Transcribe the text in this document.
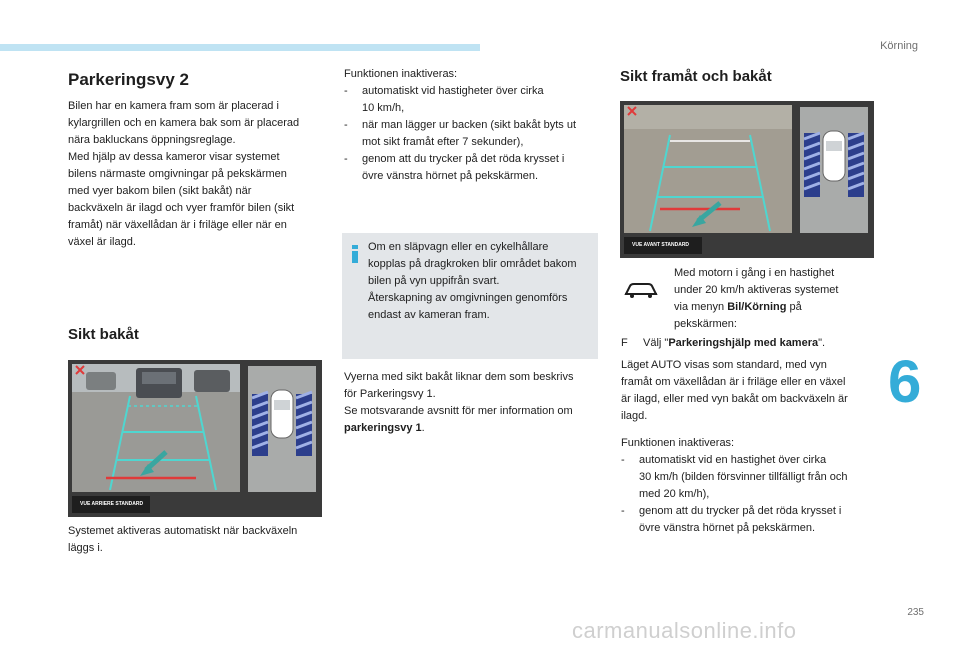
Körning
6
Parkeringsvy 2

Bilen har en kamera fram som är placerad i

kylargrillen och en kamera bak som är placerad

nära bakluckans öppningsreglage.

Med hjälp av dessa kameror visar systemet

bilens närmaste omgivningar på pekskärmen

med vyer bakom bilen (sikt bakåt) när

backväxeln är ilagd och vyer framför bilen (sikt

framåt) när växellådan är i friläge eller när en

växel är ilagd.

Sikt bakåt
VUE ARRIERE STANDARD

Systemet aktiveras automatiskt när backväxeln

läggs i.

Funktionen inaktiveras:

-	automatiskt vid hastigheter över cirka

10 km/h,

-	när man lägger ur backen (sikt bakåt byts ut

mot sikt framåt efter 7 sekunder),

-	genom att du trycker på det röda krysset i

övre vänstra hörnet på pekskärmen.

Om en släpvagn eller en cykelhållare

kopplas på dragkroken blir området bakom

bilen på vyn uppifrån svart.

Återskapning av omgivningen genomförs

endast av kameran fram.

Vyerna med sikt bakåt liknar dem som beskrivs

för Parkeringsvy 1.

Se motsvarande avsnitt för mer information om

parkeringsvy 1.

Sikt framåt och bakåt
VUE AVANT STANDARD

Med motorn i gång i en hastighet

under 20 km/h aktiveras systemet

via menyn Bil/Körning på

pekskärmen:

F	Välj "Parkeringshjälp med kamera".

Läget AUTO visas som standard, med vyn

framåt om växellådan är i friläge eller en växel

är ilagd, eller med vyn bakåt om backväxeln är

ilagd.

Funktionen inaktiveras:

-	automatiskt vid en hastighet över cirka

30 km/h (bilden försvinner tillfälligt från och

med 20 km/h),

-	genom att du trycker på det röda krysset i

övre vänstra hörnet på pekskärmen.

235
carmanualsonline.info
